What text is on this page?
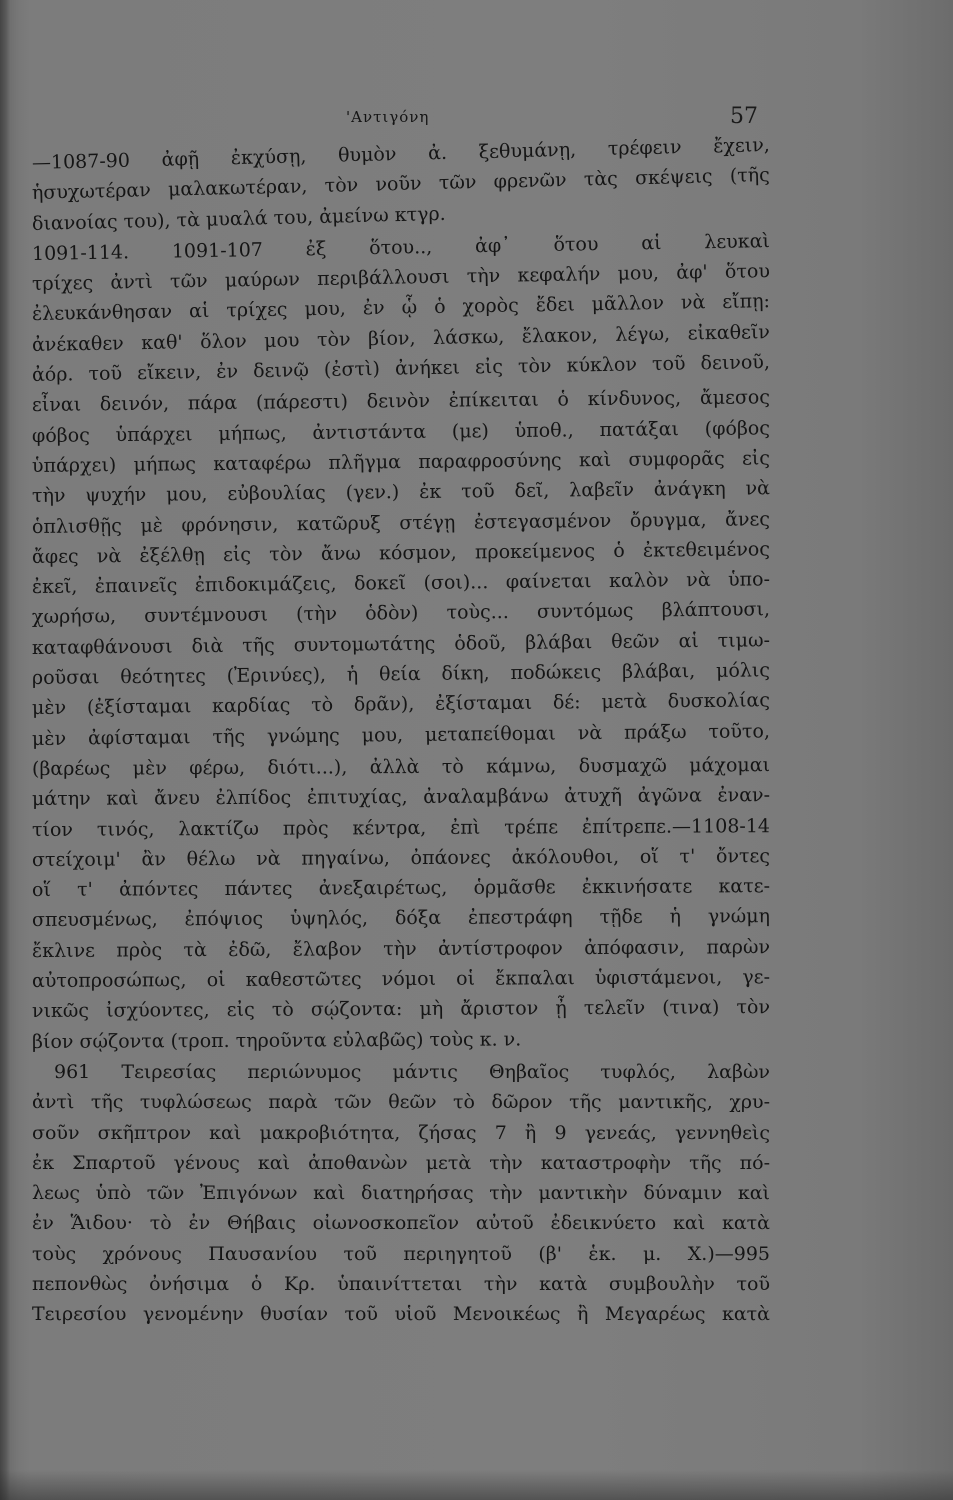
'Αντιγόνη	57
—1087-90 ἀφῇ ἐκχύσῃ, θυμὸν ἀ. ξεθυμάνῃ, τρέφειν ἔχειν,
ἡσυχωτέραν μαλακωτέραν, τὸν νοῦν τῶν φρενῶν τὰς σκέψεις (τῆς
διανοίας του), τὰ μυαλά του, ἀμείνω κτγρ.
1091-114. 1091-107 ἐξ ὅτου.., ἀφ᾽ ὅτου αἱ λευκαὶ
τρίχες ἀντὶ τῶν μαύρων περιβάλλουσι τὴν κεφαλήν μου, ἀφ' ὅτου
ἐλευκάνθησαν αἱ τρίχες μου, ἐν ᾧ ὁ χορὸς ἔδει μᾶλλον νὰ εἴπῃ:
ἀνέκαθεν καθ' ὅλον μου τὸν βίον, λάσκω, ἔλακον, λέγω, εἰκαθεῖν
ἀόρ. τοῦ εἴκειν, ἐν δεινῷ (ἐστὶ) ἀνήκει εἰς τὸν κύκλον τοῦ δεινοῦ,
εἶναι δεινόν, πάρα (πάρεστι) δεινὸν ἐπίκειται ὁ κίνδυνος, ἄμεσος
φόβος ὑπάρχει μήπως, ἀντιστάντα (με) ὑποθ., πατάξαι (φόβος
ὑπάρχει) μήπως καταφέρω πλῆγμα παραφροσύνης καὶ συμφορᾶς εἰς
τὴν ψυχήν μου, εὐβουλίας (γεν.) ἐκ τοῦ δεῖ, λαβεῖν ἀνάγκη νὰ
ὁπλισθῇς μὲ φρόνησιν, κατῶρυξ στέγῃ ἐστεγασμένον ὄρυγμα, ἄνες
ἄφες νὰ ἐξέλθῃ εἰς τὸν ἄνω κόσμον, προκείμενος ὁ ἐκτεθειμένος
ἐκεῖ, ἐπαινεῖς ἐπιδοκιμάζεις, δοκεῖ (σοι)... φαίνεται καλὸν νὰ ὑπο-
χωρήσω, συντέμνουσι (τὴν ὁδὸν) τοὺς... συντόμως βλάπτουσι,
καταφθάνουσι διὰ τῆς συντομωτάτης ὁδοῦ, βλάβαι θεῶν αἱ τιμω-
ροῦσαι θεότητες (Ἐρινύες), ἡ θεία δίκη, ποδώκεις βλάβαι, μόλις
μὲν (ἐξίσταμαι καρδίας τὸ δρᾶν), ἐξίσταμαι δέ: μετὰ δυσκολίας
μὲν ἀφίσταμαι τῆς γνώμης μου, μεταπείθομαι νὰ πράξω τοῦτο,
(βαρέως μὲν φέρω, διότι...), ἀλλὰ τὸ κάμνω, δυσμαχῶ μάχομαι
μάτην καὶ ἄνευ ἐλπίδος ἐπιτυχίας, ἀναλαμβάνω ἀτυχῆ ἀγῶνα ἐναν-
τίον τινός, λακτίζω πρὸς κέντρα, ἐπὶ τρέπε ἐπίτρεπε.—1108-14
στείχοιμ' ἂν θέλω νὰ πηγαίνω, ὀπάονες ἀκόλουθοι, οἵ τ' ὄντες
οἵ τ' ἀπόντες πάντες ἀνεξαιρέτως, ὁρμᾶσθε ἐκκινήσατε κατε-
σπευσμένως, ἐπόψιος ὑψηλός, δόξα ἐπεστράφη τῇδε ἡ γνώμη
ἔκλινε πρὸς τὰ ἐδῶ, ἔλαβον τὴν ἀντίστροφον ἀπόφασιν, παρὼν
αὐτοπροσώπως, οἱ καθεστῶτες νόμοι οἱ ἔκπαλαι ὑφιστάμενοι, γε-
νικῶς ἰσχύοντες, εἰς τὸ σῴζοντα: μὴ ἄριστον ᾖ τελεῖν (τινα) τὸν
βίον σῴζοντα (τροπ. τηροῦντα εὐλαβῶς) τοὺς κ. ν.
961 Τειρεσίας περιώνυμος μάντις Θηβαῖος τυφλός, λαβὼν
ἀντὶ τῆς τυφλώσεως παρὰ τῶν θεῶν τὸ δῶρον τῆς μαντικῆς, χρυ-
σοῦν σκῆπτρον καὶ μακροβιότητα, ζήσας 7 ἢ 9 γενεάς, γεννηθεὶς
ἐκ Σπαρτοῦ γένους καὶ ἀποθανὼν μετὰ τὴν καταστροφὴν τῆς πό-
λεως ὑπὸ τῶν Ἐπιγόνων καὶ διατηρήσας τὴν μαντικὴν δύναμιν καὶ
ἐν Ἅιδου· τὸ ἐν Θήβαις οἰωνοσκοπεῖον αὐτοῦ ἐδεικνύετο καὶ κατὰ
τοὺς χρόνους Παυσανίου τοῦ περιηγητοῦ (β' ἑκ. μ. Χ.)—995
πεπονθὼς ὀνήσιμα ὁ Κρ. ὑπαινίττεται τὴν κατὰ συμβουλὴν τοῦ
Τειρεσίου γενομένην θυσίαν τοῦ υἱοῦ Μενοικέως ἢ Μεγαρέως κατὰ
